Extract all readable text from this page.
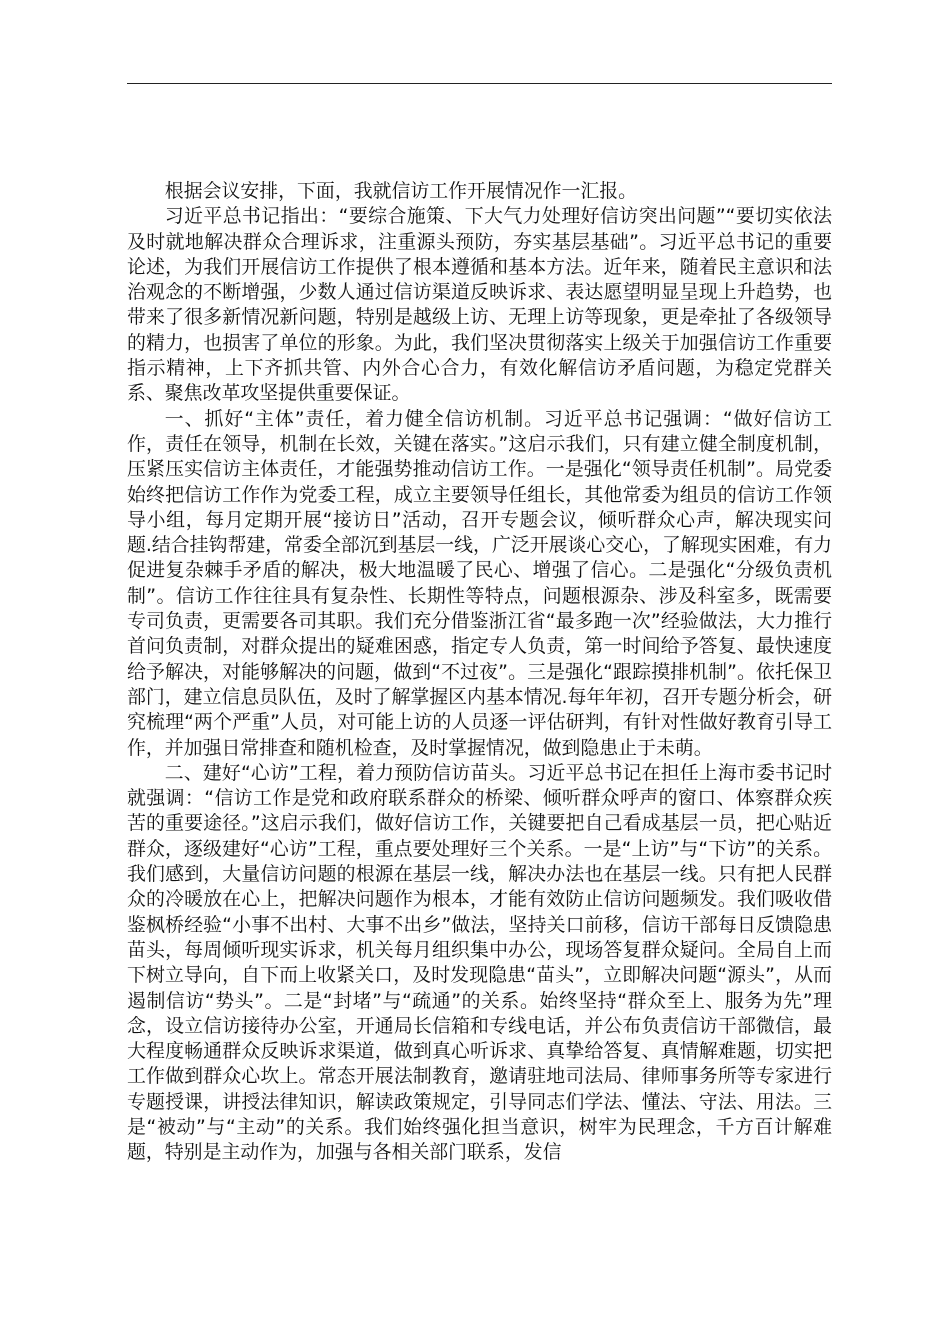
根据会议安排，下面，我就信访工作开展情况作一汇报。

习近平总书记指出：“要综合施策、下大气力处理好信访突出问题”“要切实依法及时就地解决群众合理诉求，注重源头预防，夯实基层基础”。习近平总书记的重要论述，为我们开展信访工作提供了根本遵循和基本方法。近年来，随着民主意识和法治观念的不断增强，少数人通过信访渠道反映诉求、表达愿望明显呈现上升趋势，也带来了很多新情况新问题，特别是越级上访、无理上访等现象，更是牵扯了各级领导的精力，也损害了单位的形象。为此，我们坚决贯彻落实上级关于加强信访工作重要指示精神，上下齐抓共管、内外合心合力，有效化解信访矛盾问题，为稳定党群关系、聚焦改革攻坚提供重要保证。

一、抓好“主体”责任，着力健全信访机制。习近平总书记强调：“做好信访工作，责任在领导，机制在长效，关键在落实。”这启示我们，只有建立健全制度机制，压紧压实信访主体责任，才能强势推动信访工作。一是强化“领导责任机制”。局党委始终把信访工作作为党委工程，成立主要领导任组长，其他常委为组员的信访工作领导小组，每月定期开展“接访日”活动，召开专题会议，倾听群众心声，解决现实问题.结合挂钩帮建，常委全部沉到基层一线，广泛开展谈心交心，了解现实困难，有力促进复杂棘手矛盾的解决，极大地温暖了民心、增强了信心。二是强化“分级负责机制”。信访工作往往具有复杂性、长期性等特点，问题根源杂、涉及科室多，既需要专司负责，更需要各司其职。我们充分借鉴浙江省“最多跑一次”经验做法，大力推行首问负责制，对群众提出的疑难困惑，指定专人负责，第一时间给予答复、最快速度给予解决，对能够解决的问题，做到“不过夜”。三是强化“跟踪摸排机制”。依托保卫部门，建立信息员队伍，及时了解掌握区内基本情况.每年年初，召开专题分析会，研究梳理“两个严重”人员，对可能上访的人员逐一评估研判，有针对性做好教育引导工作，并加强日常排查和随机检查，及时掌握情况，做到隐患止于未萌。

二、建好“心访”工程，着力预防信访苗头。习近平总书记在担任上海市委书记时就强调：“信访工作是党和政府联系群众的桥梁、倾听群众呼声的窗口、体察群众疾苦的重要途径。”这启示我们，做好信访工作，关键要把自己看成基层一员，把心贴近群众，逐级建好“心访”工程，重点要处理好三个关系。一是“上访”与“下访”的关系。我们感到，大量信访问题的根源在基层一线，解决办法也在基层一线。只有把人民群众的冷暖放在心上，把解决问题作为根本，才能有效防止信访问题频发。我们吸收借鉴枫桥经验“小事不出村、大事不出乡”做法，坚持关口前移，信访干部每日反馈隐患苗头，每周倾听现实诉求，机关每月组织集中办公，现场答复群众疑问。全局自上而下树立导向，自下而上收紧关口，及时发现隐患“苗头”，立即解决问题“源头”，从而遏制信访“势头”。二是“封堵”与“疏通”的关系。始终坚持“群众至上、服务为先”理念，设立信访接待办公室，开通局长信箱和专线电话，并公布负责信访干部微信，最大程度畅通群众反映诉求渠道，做到真心听诉求、真挚给答复、真情解难题，切实把工作做到群众心坎上。常态开展法制教育，邀请驻地司法局、律师事务所等专家进行专题授课，讲授法律知识，解读政策规定，引导同志们学法、懂法、守法、用法。三是“被动”与“主动”的关系。我们始终强化担当意识，树牢为民理念，千方百计解难题，特别是主动作为，加强与各相关部门联系，发信
